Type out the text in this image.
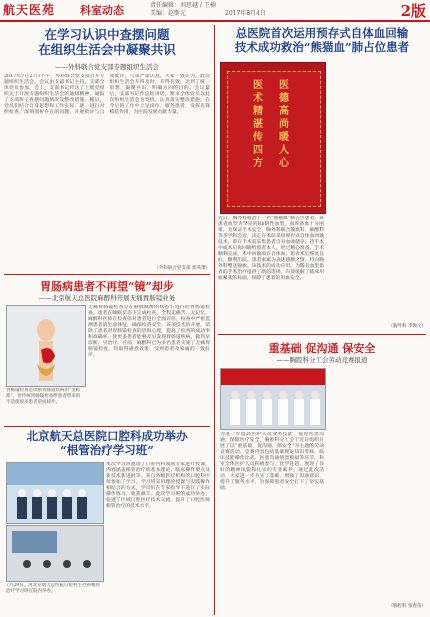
航天医苑 科室动态	责任编辑：刘思越 / 王楠
美编：赵斯元	2017年8月4日	2版
在学习认识中查摆问题
在组织生活会中凝聚共识
——外科联合党支部专题组织生活会
2017年7月27日下午，外科联合党支部召开专题组织生活会。会议由支部书记主持，支部全体党员参加。会上，支部书记传达了上级党组织关于开展专题组织生活会的通知精神，通报了支部班子查摆问题情况及整改措施。随后，党员们结合自身思想和工作实际，逐一进行对照检查，深刻剖析存在的问题，开展批评与自我批评，气氛严肃认真。大家一致认为，此次组织生活会开得及时、开得有效，达到了统一思想、凝聚共识、明确方向的目的。会议最后，支部书记作总结讲话，要求全体党员以此次组织生活会为契机，认真落实整改措施，在今后的工作中立足岗位、服务患者，发挥先锋模范作用，为医院发展贡献力量。
（外科联合党支部 郭英璟）
胃肠病患者不再望“镜”却步
——北京航天总医院麻醉科开展无痛胃肠镜业务
胃肠镜检查是诊断胃肠道疾病的“金标准”，但传统胃肠镜检查给患者带来的不适使很多患者望而却步。
无痛胃肠镜检查是在静脉麻醉的状态下进行的胃肠镜检查，患者在睡眠状态下完成检查，全程无痛苦、无记忆。麻醉科医师在检查前对患者进行全面评估，检查中严密监测患者的生命体征，确保检查安全。该项技术的开展，消除了患者对胃肠镜检查的恐惧心理，提高了检查的成功率和准确率，使更多患者能够及早发现胃肠道疾病，做到早诊断、早治疗。目前，麻醉科已为多名患者实施了无痛胃肠镜检查，均取得满意效果，受到患者及家属的一致好评。
北京航天总医院口腔科成功举办
“根管治疗学习班”
7月29日，由北京航天总医院口腔科主办的根管治疗学习班在院内举办。
本次学习班邀请了口腔内科领域专家进行授课，内容涵盖根管治疗的基本理论、临床操作要点及新技术新进展等。来自各级医疗机构的口腔科医师参加了学习。学习班采用理论授课与实践操作相结合的方式，学员们在专家指导下进行了实际操作练习，收获颇丰。此次学习班的成功举办，促进了区域口腔医疗技术交流，提升了口腔医师根管治疗的技术水平。
总医院首次运用预存式自体血回输
技术成功救治“熊猫血”肺占位患者
医德高尚暖人心
医术精湛传四方
近日，胸外科收治了一名“熊猫血”肺占位患者。该患者血型为罕见的Rh阴性血型，血库备血十分困难。为保证手术安全，胸外科联合输血科、麻醉科等多学科会诊，决定在术前采用预存式自体血回输技术，即在手术前采集患者自身血液储存，待手术中或术后再回输给患者本人。经过精心准备，手术顺利完成，术中回输预存自体血，患者术后恢复良好，顺利出院。患者家属为表达感激之情，特向胸外科赠送锦旗。该技术的成功应用，为稀有血型患者的手术治疗提供了新的选择，有效缓解了临床用血紧张的局面，保障了患者的用血安全。
（胸外科 李焕文）
重基础 促沟通 保安全
——胸腔科分工会劳动竞赛报道
为进一步提高医护人员业务技能，促进医患沟通，保障医疗安全，胸腔科分工会于近日组织开展了以“重基础、促沟通、保安全”为主题的劳动竞赛活动。竞赛内容包括基础理论知识考核、临床技能操作比武、医患沟通情景模拟等环节。科室全体医护人员积极参与，比学赶超，展现了良好的精神风貌和扎实的专业素养。通过此次活动，大家进一步夯实了基础，增强了沟通意识，提升了服务水平，为保障患者安全打下了坚实基础。
（胸腔科 张春苗）
